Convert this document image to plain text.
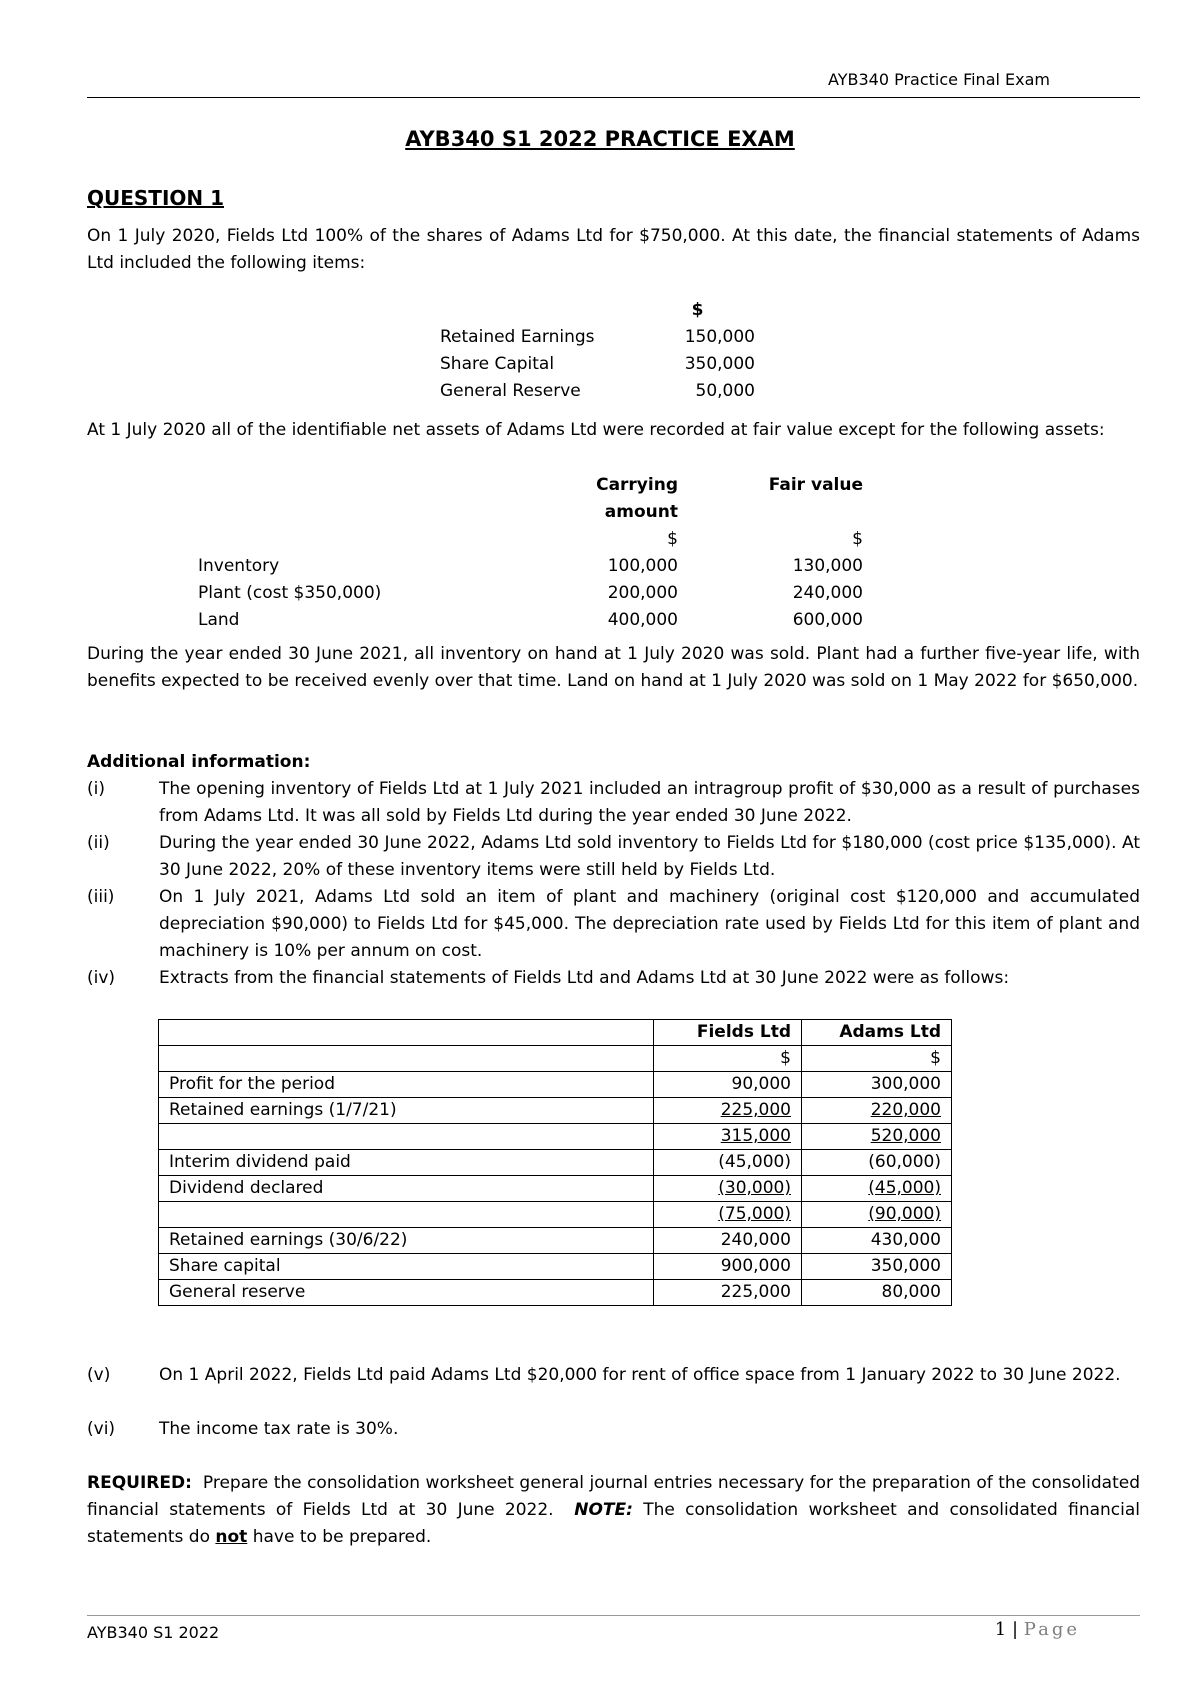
AYB340 Practice Final Exam
AYB340 S1 2022 PRACTICE EXAM
QUESTION 1
On 1 July 2020, Fields Ltd 100% of the shares of Adams Ltd for $750,000. At this date, the financial statements of Adams Ltd included the following items:
$
Retained Earnings	150,000
Share Capital	350,000
General Reserve	50,000
At 1 July 2020 all of the identifiable net assets of Adams Ltd were recorded at fair value except for the following assets:
Carrying amount
Fair value
$	$
Inventory	100,000	130,000
Plant (cost $350,000)	200,000	240,000
Land	400,000	600,000
During the year ended 30 June 2021, all inventory on hand at 1 July 2020 was sold. Plant had a further five-year life, with benefits expected to be received evenly over that time. Land on hand at 1 July 2020 was sold on 1 May 2022 for $650,000.
Additional information:
(i)	The opening inventory of Fields Ltd at 1 July 2021 included an intragroup profit of $30,000 as a result of purchases from Adams Ltd. It was all sold by Fields Ltd during the year ended 30 June 2022.
(ii)	During the year ended 30 June 2022, Adams Ltd sold inventory to Fields Ltd for $180,000 (cost price $135,000). At 30 June 2022, 20% of these inventory items were still held by Fields Ltd.
(iii)	On 1 July 2021, Adams Ltd sold an item of plant and machinery (original cost $120,000 and accumulated depreciation $90,000) to Fields Ltd for $45,000. The depreciation rate used by Fields Ltd for this item of plant and machinery is 10% per annum on cost.
(iv)	Extracts from the financial statements of Fields Ltd and Adams Ltd at 30 June 2022 were as follows:
	Fields Ltd	Adams Ltd
	$	$
Profit for the period	90,000	300,000
Retained earnings (1/7/21)	225,000	220,000
	315,000	520,000
Interim dividend paid	(45,000)	(60,000)
Dividend declared	(30,000)	(45,000)
	(75,000)	(90,000)
Retained earnings (30/6/22)	240,000	430,000
Share capital	900,000	350,000
General reserve	225,000	80,000
(v)	On 1 April 2022, Fields Ltd paid Adams Ltd $20,000 for rent of office space from 1 January 2022 to 30 June 2022.
(vi)	The income tax rate is 30%.
REQUIRED: Prepare the consolidation worksheet general journal entries necessary for the preparation of the consolidated financial statements of Fields Ltd at 30 June 2022. NOTE: The consolidation worksheet and consolidated financial statements do not have to be prepared.
AYB340 S1 2022	1 | Page
